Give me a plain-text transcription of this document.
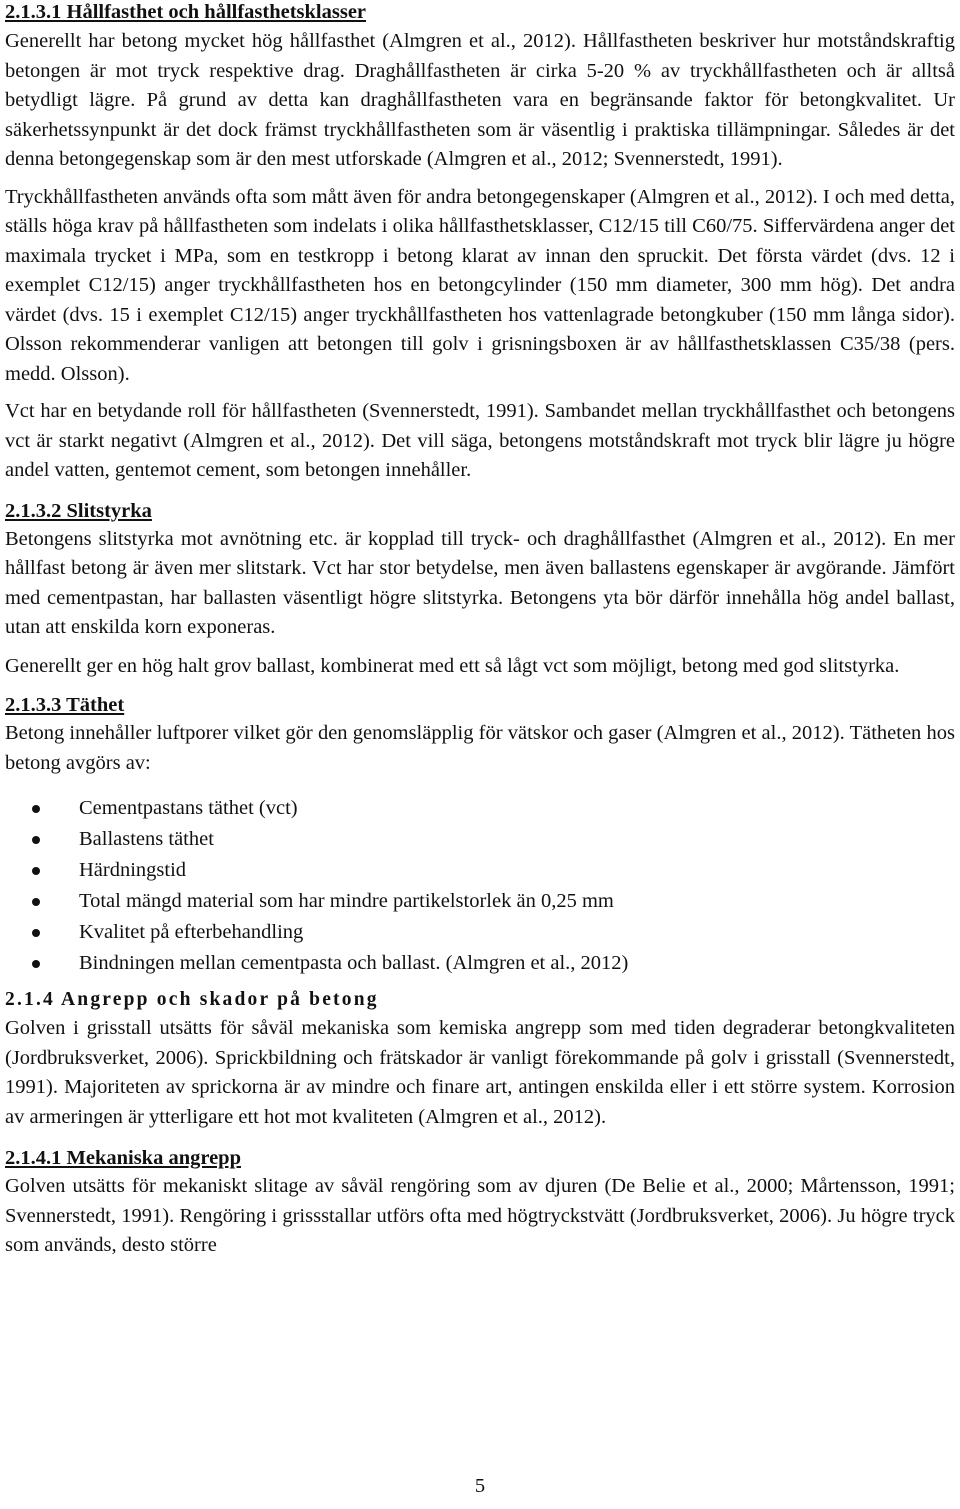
2.1.3.1 Hållfasthet och hållfasthetsklasser

Generellt har betong mycket hög hållfasthet (Almgren et al., 2012). Hållfastheten beskriver hur motståndskraftig betongen är mot tryck respektive drag. Draghållfastheten är cirka 5-20 % av tryckhållfastheten och är alltså betydligt lägre. På grund av detta kan draghållfastheten vara en begränsande faktor för betongkvalitet. Ur säkerhetssynpunkt är det dock främst tryckhållfastheten som är väsentlig i praktiska tillämpningar. Således är det denna betongegenskap som är den mest utforskade (Almgren et al., 2012; Svennerstedt, 1991).

Tryckhållfastheten används ofta som mått även för andra betongegenskaper (Almgren et al., 2012). I och med detta, ställs höga krav på hållfastheten som indelats i olika hållfasthetsklasser, C12/15 till C60/75. Siffervärdena anger det maximala trycket i MPa, som en testkropp i betong klarat av innan den spruckit. Det första värdet (dvs. 12 i exemplet C12/15) anger tryckhållfastheten hos en betongcylinder (150 mm diameter, 300 mm hög). Det andra värdet (dvs. 15 i exemplet C12/15) anger tryckhållfastheten hos vattenlagrade betongkuber (150 mm långa sidor). Olsson rekommenderar vanligen att betongen till golv i grisningsboxen är av hållfasthetsklassen C35/38 (pers. medd. Olsson).

Vct har en betydande roll för hållfastheten (Svennerstedt, 1991). Sambandet mellan tryckhållfasthet och betongens vct är starkt negativt (Almgren et al., 2012). Det vill säga, betongens motståndskraft mot tryck blir lägre ju högre andel vatten, gentemot cement, som betongen innehåller.

2.1.3.2 Slitstyrka

Betongens slitstyrka mot avnötning etc. är kopplad till tryck- och draghållfasthet (Almgren et al., 2012). En mer hållfast betong är även mer slitstark. Vct har stor betydelse, men även ballastens egenskaper är avgörande. Jämfört med cementpastan, har ballasten väsentligt högre slitstyrka. Betongens yta bör därför innehålla hög andel ballast, utan att enskilda korn exponeras.

Generellt ger en hög halt grov ballast, kombinerat med ett så lågt vct som möjligt, betong med god slitstyrka.

2.1.3.3 Täthet

Betong innehåller luftporer vilket gör den genomsläpplig för vätskor och gaser (Almgren et al., 2012). Tätheten hos betong avgörs av:

Cementpastans täthet (vct)
Ballastens täthet
Härdningstid
Total mängd material som har mindre partikelstorlek än 0,25 mm
Kvalitet på efterbehandling
Bindningen mellan cementpasta och ballast. (Almgren et al., 2012)
2.1.4 Angrepp och skador på betong

Golven i grisstall utsätts för såväl mekaniska som kemiska angrepp som med tiden degraderar betongkvaliteten (Jordbruksverket, 2006). Sprickbildning och frätskador är vanligt förekommande på golv i grisstall (Svennerstedt, 1991). Majoriteten av sprickorna är av mindre och finare art, antingen enskilda eller i ett större system. Korrosion av armeringen är ytterligare ett hot mot kvaliteten (Almgren et al., 2012).

2.1.4.1 Mekaniska angrepp

Golven utsätts för mekaniskt slitage av såväl rengöring som av djuren (De Belie et al., 2000; Mårtensson, 1991; Svennerstedt, 1991). Rengöring i grissstallar utförs ofta med högtryckstvätt (Jordbruksverket, 2006). Ju högre tryck som används, desto större

5
